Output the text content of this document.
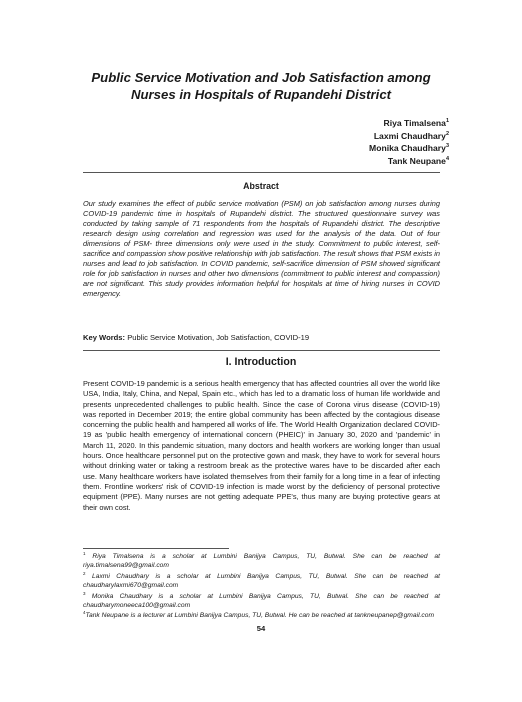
Public Service Motivation and Job Satisfaction among Nurses in Hospitals of Rupandehi District
Riya Timalsena$^1$
Laxmi Chaudhary$^2$
Monika Chaudhary$^3$
Tank Neupane$^4$
Abstract

Our study examines the effect of public service motivation (PSM) on job satisfaction among nurses during COVID-19 pandemic time in hospitals of Rupandehi district. The structured questionnaire survey was conducted by taking sample of 71 respondents from the hospitals of Rupandehi district. The descriptive research design using correlation and regression was used for the analysis of the data. Out of four dimensions of PSM- three dimensions only were used in the study. Commitment to public interest, self-sacrifice and compassion show positive relationship with job satisfaction. The result shows that PSM exists in nurses and lead to job satisfaction. In COVID pandemic, self-sacrifice dimension of PSM showed significant role for job satisfaction in nurses and other two dimensions (commitment to public interest and compassion) are not significant. This study provides information helpful for hospitals at time of hiring nurses in COVID emergency.

Key Words: Public Service Motivation, Job Satisfaction, COVID-19

I. Introduction

Present COVID-19 pandemic is a serious health emergency that has affected countries all over the world like USA, India, Italy, China, and Nepal, Spain etc., which has led to a dramatic loss of human life worldwide and presents unprecedented challenges to public health. Since the case of Corona virus disease (COVID-19) was reported in December 2019; the entire global community has been affected by the contagious disease concerning the public health and hampered all works of life. The World Health Organization declared COVID-19 as 'public health emergency of international concern (PHEIC)' in January 30, 2020 and 'pandemic' in March 11, 2020. In this pandemic situation, many doctors and health workers are working longer than usual hours. Once healthcare personnel put on the protective gown and mask, they have to work for several hours without drinking water or taking a restroom break as the protective wares have to be discarded after each use. Many healthcare workers have isolated themselves from their family for a long time in a fear of infecting them. Frontline workers' risk of COVID-19 infection is made worst by the deficiency of personal protective equipment (PPE). Many nurses are not getting adequate PPE's, thus many are buying protective gears at their own cost.

$^1$ Riya Timalsena is a scholar at Lumbini Banijya Campus, TU, Butwal. She can be reached at riya.timalsena99@gmail.com

$^2$ Laxmi Chaudhary is a scholar at Lumbini Banijya Campus, TU, Butwal. She can be reached at chaudharylaxmi670@gmail.com

$^3$ Monika Chaudhary is a scholar at Lumbini Banijya Campus, TU, Butwal. She can be reached at chaudharymoneeca100@gmail.com

$^4$Tank Neupane is a lecturer at Lumbini Banijya Campus, TU, Butwal. He can be reached at tankneupanep@gmail.com

54
